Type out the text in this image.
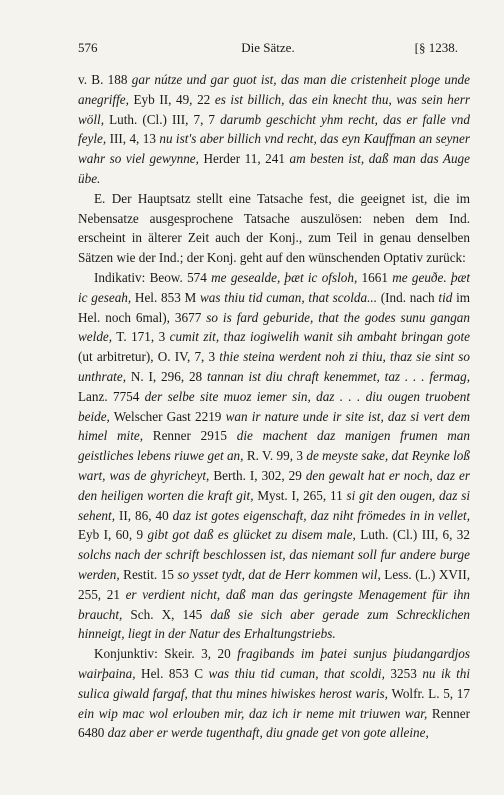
576	Die Sätze.	[§ 1238.

v. B. 188 gar nútze und gar guot ist, das man die cristenheit ploge unde anegriffe, Eyb II, 49, 22 es ist billich, das ein knecht thu, was sein herr wöll, Luth. (Cl.) III, 7, 7 darumb geschicht yhm recht, das er falle vnd feyle, III, 4, 13 nu ist's aber billich vnd recht, das eyn Kauffman an seyner wahr so viel gewynne, Herder 11, 241 am besten ist, daß man das Auge übe.

E. Der Hauptsatz stellt eine Tatsache fest, die geeignet ist, die im Nebensatze ausgesprochene Tatsache auszulösen: neben dem Ind. erscheint in älterer Zeit auch der Konj., zum Teil in genau denselben Sätzen wie der Ind.; der Konj. geht auf den wünschenden Optativ zurück:

Indikativ: Beow. 574 me gesealde, þæt ic ofsloh, 1661 me geuðe. þæt ic geseah, Hel. 853 M was thiu tid cuman, that scolda... (Ind. nach tid im Hel. noch 6mal), 3677 so is fard geburide, that the godes sunu gangan welde, T. 171, 3 cumit zit, thaz iogiwelih wanit sih ambaht bringan gote (ut arbitretur), O. IV, 7, 3 thie steina werdent noh zi thiu, thaz sie sint so unthrate, N. I, 296, 28 tannan ist diu chraft kenemmet, taz . . . fermag, Lanz. 7754 der selbe site muoz iemer sin, daz . . . diu ougen truobent beide, Welscher Gast 2219 wan ir nature unde ir site ist, daz si vert dem himel mite, Renner 2915 die machent daz manigen frumen man geistliches lebens riuwe get an, R. V. 99, 3 de meyste sake, dat Reynke loß wart, was de ghyricheyt, Berth. I, 302, 29 den gewalt hat er noch, daz er den heiligen worten die kraft git, Myst. I, 265, 11 si git den ougen, daz si sehent, II, 86, 40 daz ist gotes eigenschaft, daz niht frömedes in in vellet, Eyb I, 60, 9 gibt got daß es glücket zu disem male, Luth. (Cl.) III, 6, 32 solchs nach der schrift beschlossen ist, das niemant soll fur andere burge werden, Restit. 15 so ysset tydt, dat de Herr kommen wil, Less. (L.) XVII, 255, 21 er verdient nicht, daß man das geringste Menagement für ihn braucht, Sch. X, 145 daß sie sich aber gerade zum Schrecklichen hinneigt, liegt in der Natur des Erhaltungstriebs.

Konjunktiv: Skeir. 3, 20 fragibands im þatei sunjus þiudangardjos wairþaina, Hel. 853 C was thiu tid cuman, that scoldi, 3253 nu ik thi sulica giwald fargaf, that thu mines hiwiskes herost waris, Wolfr. L. 5, 17 ein wip mac wol erlouben mir, daz ich ir neme mit triuwen war, Renner 6480 daz aber er werde tugenthaft, diu gnade get von gote alleine,
